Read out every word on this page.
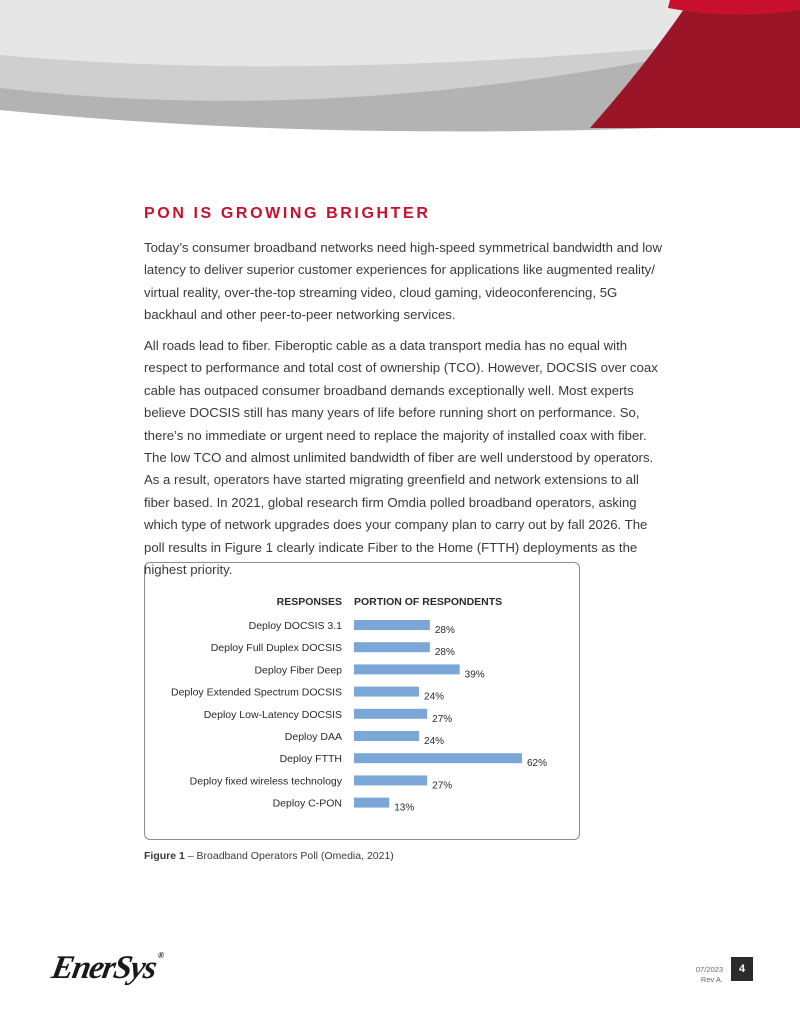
PON IS GROWING BRIGHTER

Today’s consumer broadband networks need high-speed symmetrical bandwidth and low latency to deliver superior customer experiences for applications like augmented reality/ virtual reality, over-the-top streaming video, cloud gaming, videoconferencing, 5G backhaul and other peer-to-peer networking services.

All roads lead to fiber. Fiberoptic cable as a data transport media has no equal with respect to performance and total cost of ownership (TCO). However, DOCSIS over coax cable has outpaced consumer broadband demands exceptionally well. Most experts believe DOCSIS still has many years of life before running short on performance. So, there’s no immediate or urgent need to replace the majority of installed coax with fiber. The low TCO and almost unlimited bandwidth of fiber are well understood by operators. As a result, operators have started migrating greenfield and network extensions to all fiber based. In 2021, global research firm Omdia polled broadband operators, asking which type of network upgrades does your company plan to carry out by fall 2026. The poll results in Figure 1 clearly indicate Fiber to the Home (FTTH) deployments as the highest priority.

RESPONSES PORTION OF RESPONDENTS
Deploy DOCSIS 3.1	28%
Deploy Full Duplex DOCSIS	28%
Deploy Fiber Deep	39%
Deploy Extended Spectrum DOCSIS	24%
Deploy Low-Latency DOCSIS	27%
Deploy DAA	24%
Deploy FTTH	62%
Deploy fixed wireless technology	27%
Deploy C-PON	13%

Figure 1 – Broadband Operators Poll (Omedia, 2021)

EnerSys®
07/2023
Rev A.
4
